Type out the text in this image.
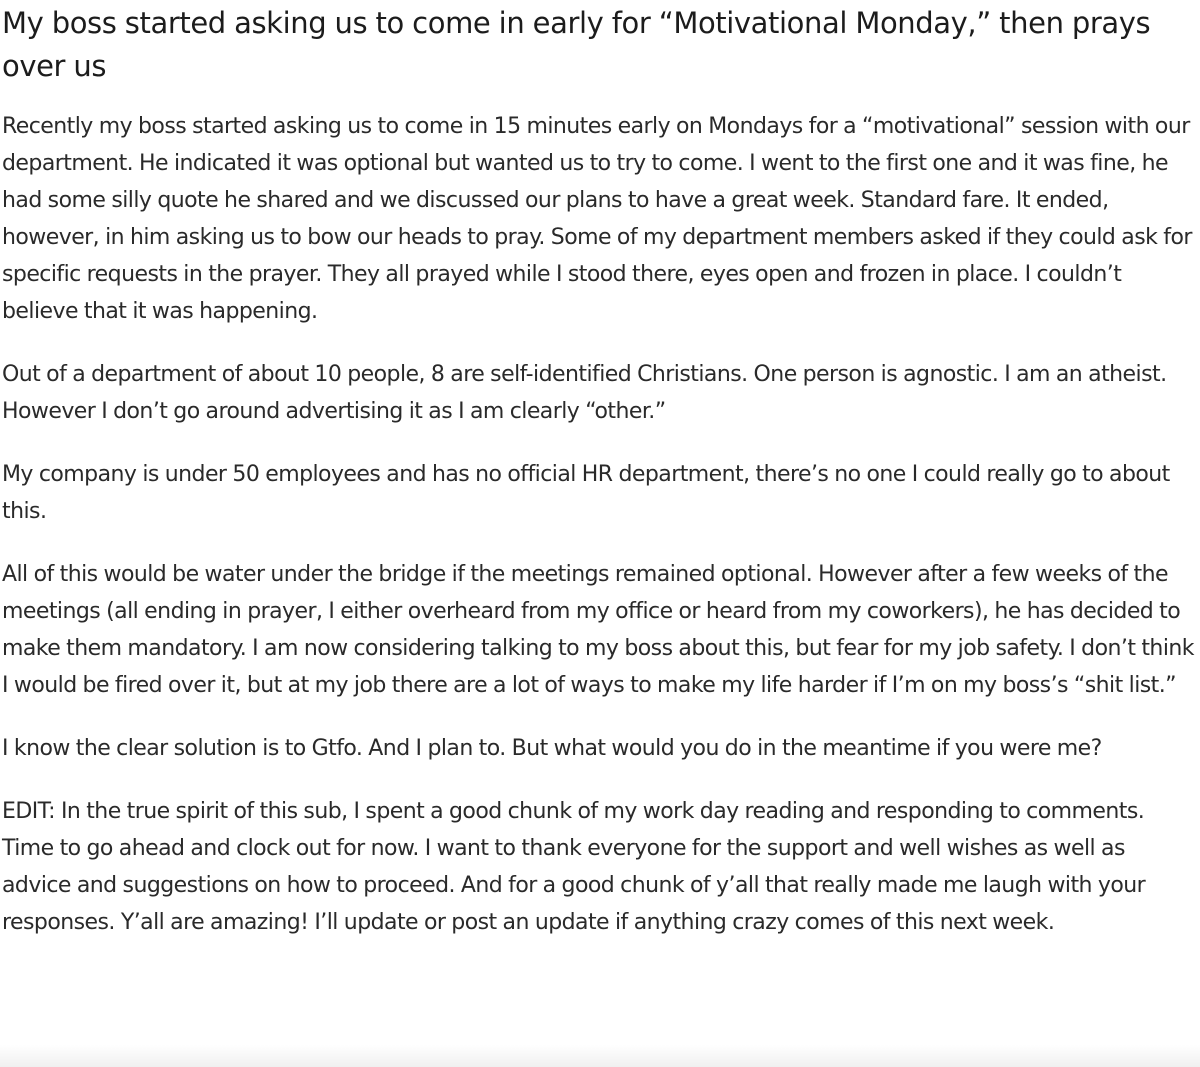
My boss started asking us to come in early for “Motivational Monday,” then prays over us

Recently my boss started asking us to come in 15 minutes early on Mondays for a “motivational” session with our department. He indicated it was optional but wanted us to try to come. I went to the first one and it was fine, he had some silly quote he shared and we discussed our plans to have a great week. Standard fare. It ended, however, in him asking us to bow our heads to pray. Some of my department members asked if they could ask for specific requests in the prayer. They all prayed while I stood there, eyes open and frozen in place. I couldn’t believe that it was happening.

Out of a department of about 10 people, 8 are self-identified Christians. One person is agnostic. I am an atheist. However I don’t go around advertising it as I am clearly “other.”

My company is under 50 employees and has no official HR department, there’s no one I could really go to about this.

All of this would be water under the bridge if the meetings remained optional. However after a few weeks of the meetings (all ending in prayer, I either overheard from my office or heard from my coworkers), he has decided to make them mandatory. I am now considering talking to my boss about this, but fear for my job safety. I don’t think I would be fired over it, but at my job there are a lot of ways to make my life harder if I’m on my boss’s “shit list.”

I know the clear solution is to Gtfo. And I plan to. But what would you do in the meantime if you were me?

EDIT: In the true spirit of this sub, I spent a good chunk of my work day reading and responding to comments. Time to go ahead and clock out for now. I want to thank everyone for the support and well wishes as well as advice and suggestions on how to proceed. And for a good chunk of y’all that really made me laugh with your responses. Y’all are amazing! I’ll update or post an update if anything crazy comes of this next week.
